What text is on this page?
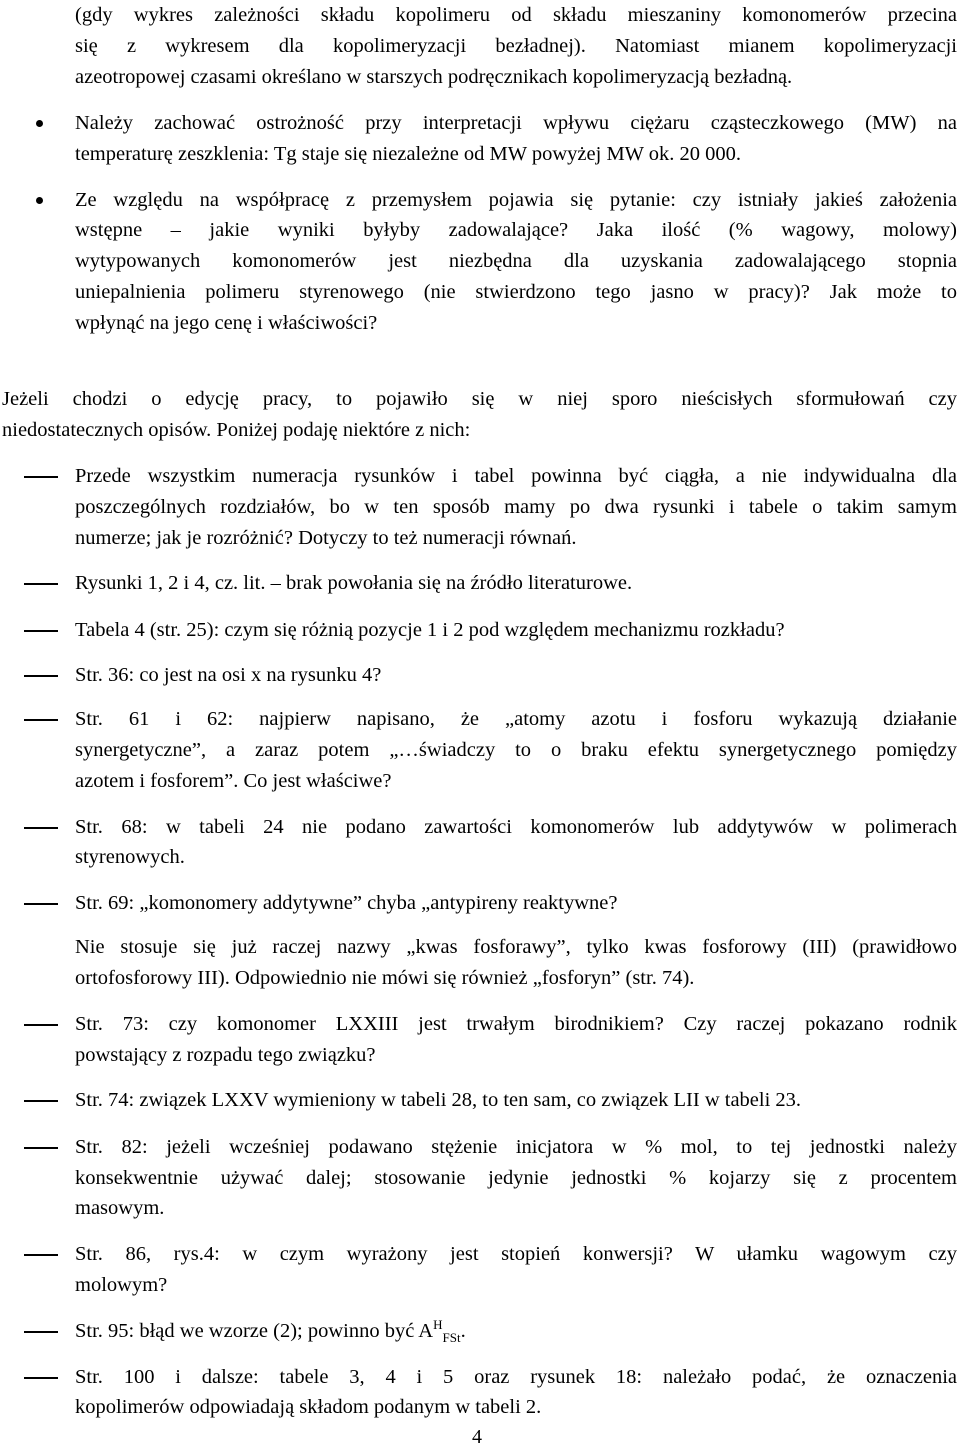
(gdy wykres zależności składu kopolimeru od składu mieszaniny komonomerów przecina
się z wykresem dla kopolimeryzacji bezładnej). Natomiast mianem kopolimeryzacji
azeotropowej czasami określano w starszych podręcznikach kopolimeryzacją bezładną.
Należy zachować ostrożność przy interpretacji wpływu ciężaru cząsteczkowego (MW) na
temperaturę zeszklenia: Tg staje się niezależne od MW powyżej MW ok. 20 000.
Ze względu na współpracę z przemysłem pojawia się pytanie: czy istniały jakieś założenia
wstępne – jakie wyniki byłyby zadowalające? Jaka ilość (% wagowy, molowy)
wytypowanych komonomerów jest niezbędna dla uzyskania zadowalającego stopnia
uniepalnienia polimeru styrenowego (nie stwierdzono tego jasno w pracy)? Jak może to
wpłynąć na jego cenę i właściwości?
Jeżeli chodzi o edycję pracy, to pojawiło się w niej sporo nieścisłych sformułowań czy
niedostatecznych opisów. Poniżej podaję niektóre z nich:
Przede wszystkim numeracja rysunków i tabel powinna być ciągła, a nie indywidualna dla
poszczególnych rozdziałów, bo w ten sposób mamy po dwa rysunki i tabele o takim samym
numerze; jak je rozróżnić? Dotyczy to też numeracji równań.
Rysunki 1, 2 i 4, cz. lit. – brak powołania się na źródło literaturowe.
Tabela 4 (str. 25): czym się różnią pozycje 1 i 2 pod względem mechanizmu rozkładu?
Str. 36: co jest na osi x na rysunku 4?
Str. 61 i 62: najpierw napisano, że „atomy azotu i fosforu wykazują działanie
synergetyczne”, a zaraz potem „…świadczy to o braku efektu synergetycznego pomiędzy
azotem i fosforem”. Co jest właściwe?
Str. 68: w tabeli 24 nie podano zawartości komonomerów lub addytywów w polimerach
styrenowych.
Str. 69: „komonomery addytywne” chyba „antypireny reaktywne?
Nie stosuje się już raczej nazwy „kwas fosforawy”, tylko kwas fosforowy (III) (prawidłowo
ortofosforowy III). Odpowiednio nie mówi się również „fosforyn” (str. 74).
Str. 73: czy komonomer LXXIII jest trwałym birodnikiem? Czy raczej pokazano rodnik
powstający z rozpadu tego związku?
Str. 74: związek LXXV wymieniony w tabeli 28, to ten sam, co związek LII w tabeli 23.
Str. 82: jeżeli wcześniej podawano stężenie inicjatora w % mol, to tej jednostki należy
konsekwentnie używać dalej; stosowanie jedynie jednostki % kojarzy się z procentem
masowym.
Str. 86, rys.4: w czym wyrażony jest stopień konwersji? W ułamku wagowym czy
molowym?
Str. 95: błąd we wzorze (2); powinno być $A^H_{FSt}$.
Str. 100 i dalsze: tabele 3, 4 i 5 oraz rysunek 18: należało podać, że oznaczenia
kopolimerów odpowiadają składom podanym w tabeli 2.
4
